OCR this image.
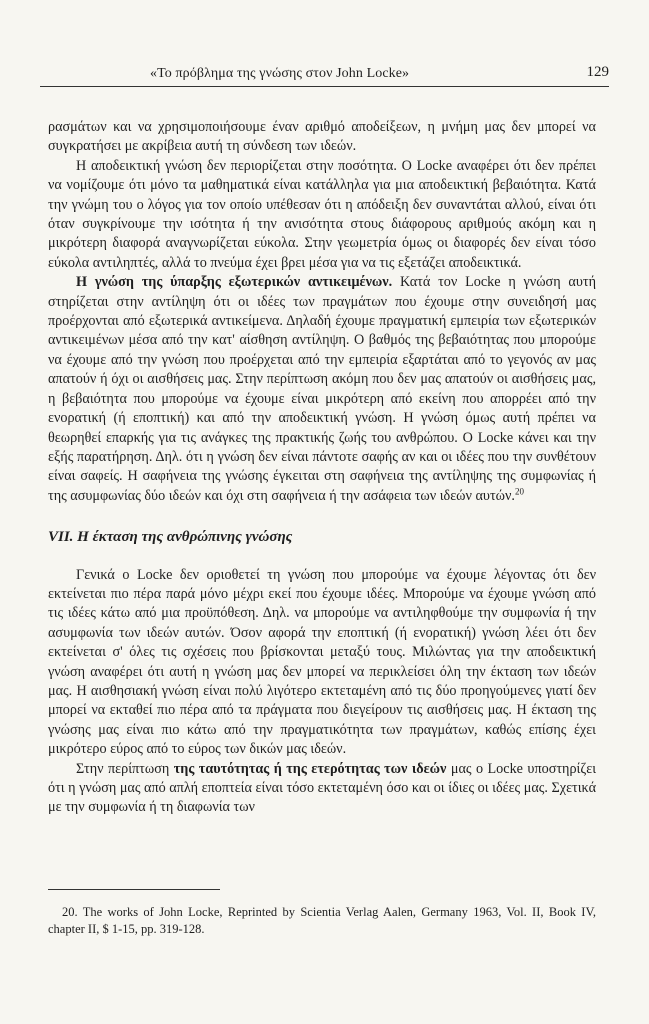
«Το πρόβλημα της γνώσης στον John Locke»	129

ρασμάτων και να χρησιμοποιήσουμε έναν αριθμό αποδείξεων, η μνήμη μας δεν μπορεί να συγκρατήσει με ακρίβεια αυτή τη σύνδεση των ιδεών.

Η αποδεικτική γνώση δεν περιορίζεται στην ποσότητα. Ο Locke αναφέρει ότι δεν πρέπει να νομίζουμε ότι μόνο τα μαθηματικά είναι κατάλληλα για μια αποδεικτική βεβαιότητα. Κατά την γνώμη του ο λόγος για τον οποίο υπέθεσαν ότι η απόδειξη δεν συναντάται αλλού, είναι ότι όταν συγκρίνουμε την ισότητα ή την ανισότητα στους διάφορους αριθμούς ακόμη και η μικρότερη διαφορά αναγνωρίζεται εύκολα. Στην γεωμετρία όμως οι διαφορές δεν είναι τόσο εύκολα αντιληπτές, αλλά το πνεύμα έχει βρει μέσα για να τις εξετάζει αποδεικτικά.

Η γνώση της ύπαρξης εξωτερικών αντικειμένων. Κατά τον Locke η γνώση αυτή στηρίζεται στην αντίληψη ότι οι ιδέες των πραγμάτων που έχουμε στην συνειδησή μας προέρχονται από εξωτερικά αντικείμενα. Δηλαδή έχουμε πραγματική εμπειρία των εξωτερικών αντικειμένων μέσα από την κατ' αίσθηση αντίληψη. Ο βαθμός της βεβαιότητας που μπορούμε να έχουμε από την γνώση που προέρχεται από την εμπειρία εξαρτάται από το γεγονός αν μας απατούν ή όχι οι αισθήσεις μας. Στην περίπτωση ακόμη που δεν μας απατούν οι αισθήσεις μας, η βεβαιότητα που μπορούμε να έχουμε είναι μικρότερη από εκείνη που απορρέει από την ενορατική (ή εποπτική) και από την αποδεικτική γνώση. Η γνώση όμως αυτή πρέπει να θεωρηθεί επαρκής για τις ανάγκες της πρακτικής ζωής του ανθρώπου. Ο Locke κάνει και την εξής παρατήρηση. Δηλ. ότι η γνώση δεν είναι πάντοτε σαφής αν και οι ιδέες που την συνθέτουν είναι σαφείς. Η σαφήνεια της γνώσης έγκειται στη σαφήνεια της αντίληψης της συμφωνίας ή της ασυμφωνίας δύο ιδεών και όχι στη σαφήνεια ή την ασάφεια των ιδεών αυτών.$^{20}$

VII. Η έκταση της ανθρώπινης γνώσης

Γενικά ο Locke δεν οριοθετεί τη γνώση που μπορούμε να έχουμε λέγοντας ότι δεν εκτείνεται πιο πέρα παρά μόνο μέχρι εκεί που έχουμε ιδέες. Μπορούμε να έχουμε γνώση από τις ιδέες κάτω από μια προϋπόθεση. Δηλ. να μπορούμε να αντιληφθούμε την συμφωνία ή την ασυμφωνία των ιδεών αυτών. Όσον αφορά την εποπτική (ή ενορατική) γνώση λέει ότι δεν εκτείνεται σ' όλες τις σχέσεις που βρίσκονται μεταξύ τους. Μιλώντας για την αποδεικτική γνώση αναφέρει ότι αυτή η γνώση μας δεν μπορεί να περικλείσει όλη την έκταση των ιδεών μας. Η αισθησιακή γνώση είναι πολύ λιγότερο εκτεταμένη από τις δύο προηγούμενες γιατί δεν μπορεί να εκταθεί πιο πέρα από τα πράγματα που διεγείρουν τις αισθήσεις μας. Η έκταση της γνώσης μας είναι πιο κάτω από την πραγματικότητα των πραγμάτων, καθώς επίσης έχει μικρότερο εύρος από το εύρος των δικών μας ιδεών.

Στην περίπτωση της ταυτότητας ή της ετερότητας των ιδεών μας ο Locke υποστηρίζει ότι η γνώση μας από απλή εποπτεία είναι τόσο εκτεταμένη όσο και οι ίδιες οι ιδέες μας. Σχετικά με την συμφωνία ή τη διαφωνία των

20. The works of John Locke, Reprinted by Scientia Verlag Aalen, Germany 1963, Vol. II, Book IV, chapter II, $ 1-15, pp. 319-128.
